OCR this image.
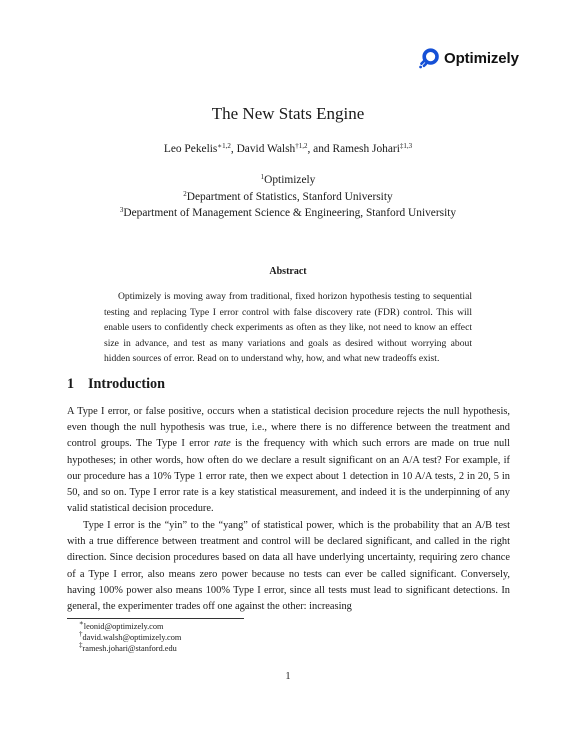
Optimizely
The New Stats Engine
Leo Pekelis$^{∗1,2}$, David Walsh$^{\dagger 1,2}$, and Ramesh Johari$^{\ddagger 1,3}$
$^1$Optimizely
$^2$Department of Statistics, Stanford University
$^3$Department of Management Science & Engineering, Stanford University
Abstract

Optimizely is moving away from traditional, fixed horizon hypothesis testing to sequential testing and replacing Type I error control with false discovery rate (FDR) control. This will enable users to confidently check experiments as often as they like, not need to know an effect size in advance, and test as many variations and goals as desired without worrying about hidden sources of error. Read on to understand why, how, and what new tradeoffs exist.

1 Introduction

A Type I error, or false positive, occurs when a statistical decision procedure rejects the null hypothesis, even though the null hypothesis was true, i.e., where there is no difference between the treatment and control groups. The Type I error rate is the frequency with which such errors are made on true null hypotheses; in other words, how often do we declare a result significant on an A/A test? For example, if our procedure has a 10% Type 1 error rate, then we expect about 1 detection in 10 A/A tests, 2 in 20, 5 in 50, and so on. Type I error rate is a key statistical measurement, and indeed it is the underpinning of any valid statistical decision procedure.

Type I error is the “yin” to the “yang” of statistical power, which is the probability that an A/B test with a true difference between treatment and control will be declared significant, and called in the right direction. Since decision procedures based on data all have underlying uncertainty, requiring zero chance of a Type I error, also means zero power because no tests can ever be called significant. Conversely, having 100% power also means 100% Type I error, since all tests must lead to significant detections. In general, the experimenter trades off one against the other: increasing

∗leonid@optimizely.com
†david.walsh@optimizely.com
‡ramesh.johari@stanford.edu
1
